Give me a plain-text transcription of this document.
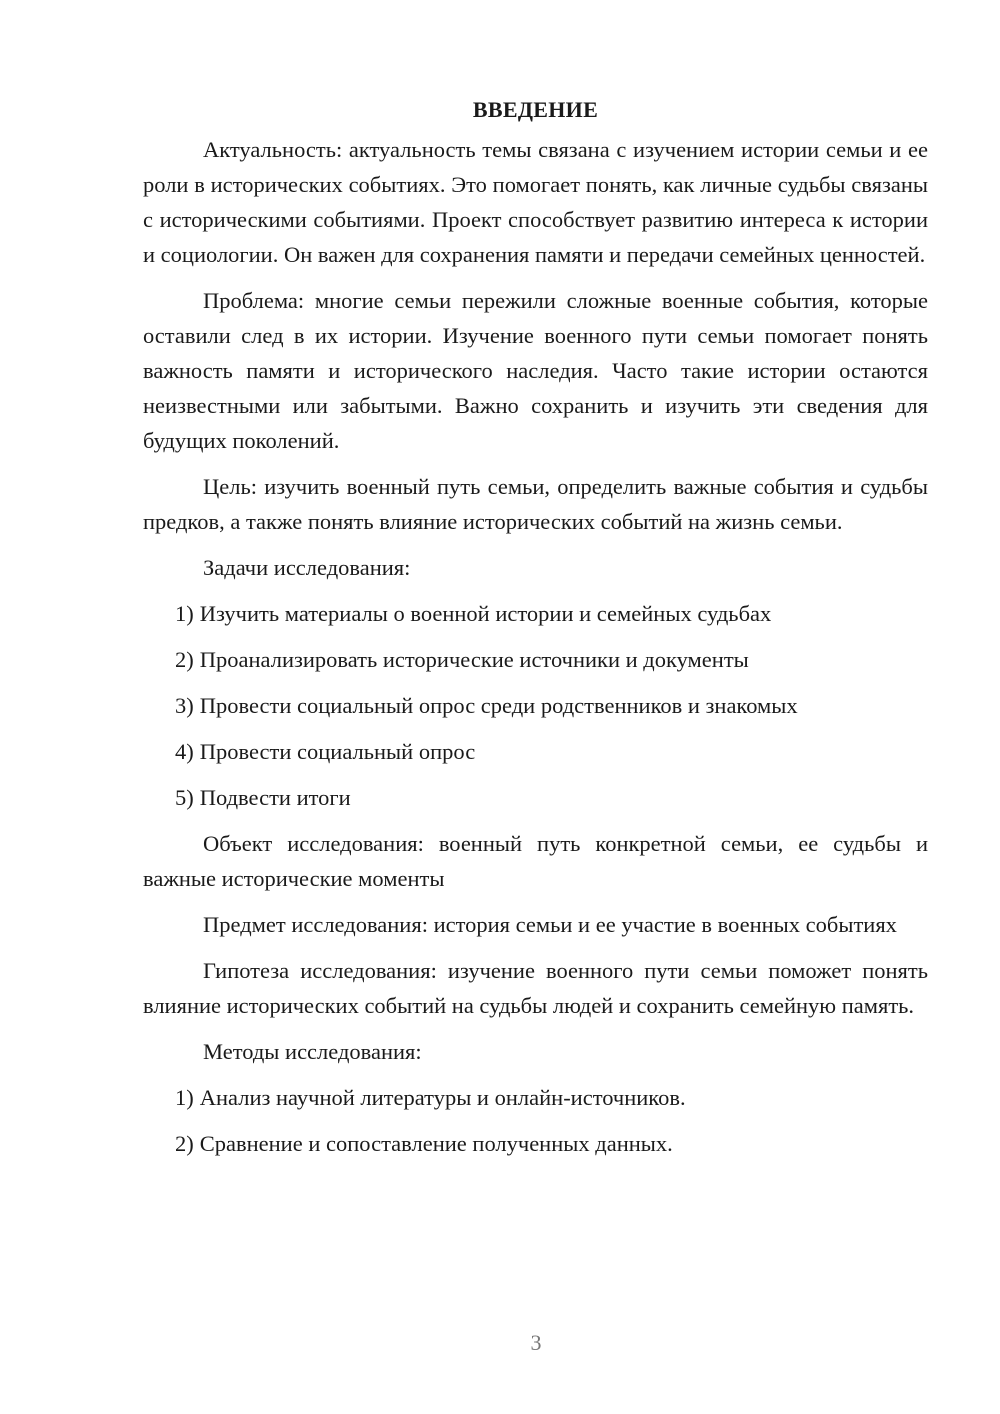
ВВЕДЕНИЕ

Актуальность: актуальность темы связана с изучением истории семьи и ее роли в исторических событиях. Это помогает понять, как личные судьбы связаны с историческими событиями. Проект способствует развитию интереса к истории и социологии. Он важен для сохранения памяти и передачи семейных ценностей.

Проблема: многие семьи пережили сложные военные события, которые оставили след в их истории. Изучение военного пути семьи помогает понять важность памяти и исторического наследия. Часто такие истории остаются неизвестными или забытыми. Важно сохранить и изучить эти сведения для будущих поколений.

Цель: изучить военный путь семьи, определить важные события и судьбы предков, а также понять влияние исторических событий на жизнь семьи.

Задачи исследования:
1) Изучить материалы о военной истории и семейных судьбах
2) Проанализировать исторические источники и документы
3) Провести социальный опрос среди родственников и знакомых
4) Провести социальный опрос
5) Подвести итоги

Объект исследования: военный путь конкретной семьи, ее судьбы и важные исторические моменты

Предмет исследования: история семьи и ее участие в военных событиях

Гипотеза исследования: изучение военного пути семьи поможет понять влияние исторических событий на судьбы людей и сохранить семейную память.

Методы исследования:
1) Анализ научной литературы и онлайн-источников.
2) Сравнение и сопоставление полученных данных.
3
